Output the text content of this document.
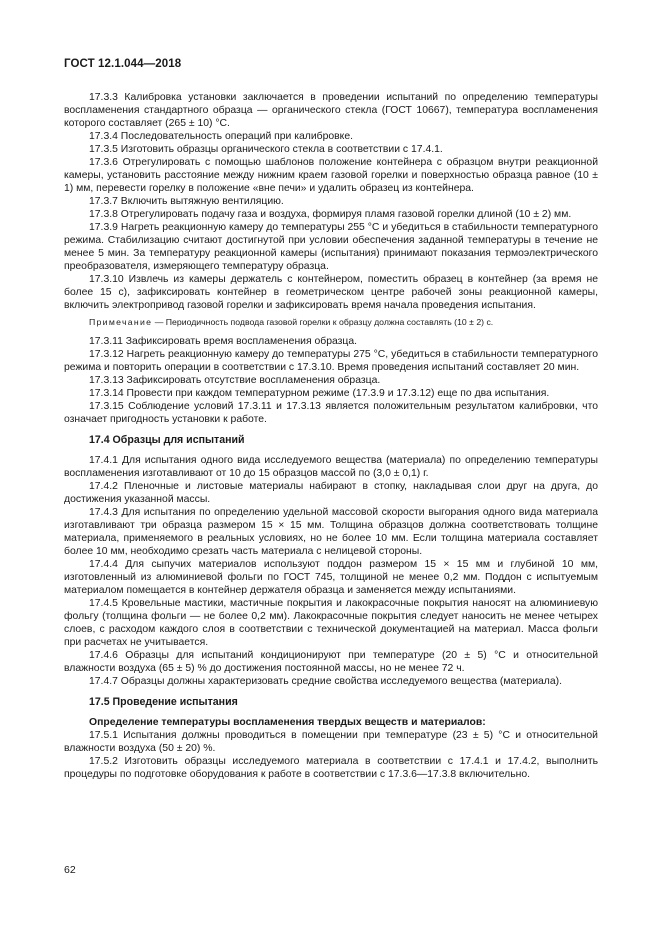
ГОСТ 12.1.044—2018

17.3.3 Калибровка установки заключается в проведении испытаний по определению температуры воспламенения стандартного образца — органического стекла (ГОСТ 10667), температура воспламенения которого составляет (265 ± 10) °С.

17.3.4 Последовательность операций при калибровке.

17.3.5 Изготовить образцы органического стекла в соответствии с 17.4.1.

17.3.6 Отрегулировать с помощью шаблонов положение контейнера с образцом внутри реакционной камеры, установить расстояние между нижним краем газовой горелки и поверхностью образца равное (10 ± 1) мм, перевести горелку в положение «вне печи» и удалить образец из контейнера.

17.3.7 Включить вытяжную вентиляцию.

17.3.8 Отрегулировать подачу газа и воздуха, формируя пламя газовой горелки длиной (10 ± 2) мм.

17.3.9 Нагреть реакционную камеру до температуры 255 °С и убедиться в стабильности температурного режима. Стабилизацию считают достигнутой при условии обеспечения заданной температуры в течение не менее 5 мин. За температуру реакционной камеры (испытания) принимают показания термоэлектрического преобразователя, измеряющего температуру образца.

17.3.10 Извлечь из камеры держатель с контейнером, поместить образец в контейнер (за время не более 15 с), зафиксировать контейнер в геометрическом центре рабочей зоны реакционной камеры, включить электропривод газовой горелки и зафиксировать время начала проведения испытания.

Примечание — Периодичность подвода газовой горелки к образцу должна составлять (10 ± 2) с.

17.3.11 Зафиксировать время воспламенения образца.

17.3.12 Нагреть реакционную камеру до температуры 275 °С, убедиться в стабильности температурного режима и повторить операции в соответствии с 17.3.10. Время проведения испытаний составляет 20 мин.

17.3.13 Зафиксировать отсутствие воспламенения образца.

17.3.14 Провести при каждом температурном режиме (17.3.9 и 17.3.12) еще по два испытания.

17.3.15 Соблюдение условий 17.3.11 и 17.3.13 является положительным результатом калибровки, что означает пригодность установки к работе.

17.4 Образцы для испытаний

17.4.1 Для испытания одного вида исследуемого вещества (материала) по определению температуры воспламенения изготавливают от 10 до 15 образцов массой по (3,0 ± 0,1) г.

17.4.2 Пленочные и листовые материалы набирают в стопку, накладывая слои друг на друга, до достижения указанной массы.

17.4.3 Для испытания по определению удельной массовой скорости выгорания одного вида материала изготавливают три образца размером 15 × 15 мм. Толщина образцов должна соответствовать толщине материала, применяемого в реальных условиях, но не более 10 мм. Если толщина материала составляет более 10 мм, необходимо срезать часть материала с нелицевой стороны.

17.4.4 Для сыпучих материалов используют поддон размером 15 × 15 мм и глубиной 10 мм, изготовленный из алюминиевой фольги по ГОСТ 745, толщиной не менее 0,2 мм. Поддон с испытуемым материалом помещается в контейнер держателя образца и заменяется между испытаниями.

17.4.5 Кровельные мастики, мастичные покрытия и лакокрасочные покрытия наносят на алюминиевую фольгу (толщина фольги — не более 0,2 мм). Лакокрасочные покрытия следует наносить не менее четырех слоев, с расходом каждого слоя в соответствии с технической документацией на материал. Масса фольги при расчетах не учитывается.

17.4.6 Образцы для испытаний кондиционируют при температуре (20 ± 5) °С и относительной влажности воздуха (65 ± 5) % до достижения постоянной массы, но не менее 72 ч.

17.4.7 Образцы должны характеризовать средние свойства исследуемого вещества (материала).

17.5 Проведение испытания

Определение температуры воспламенения твердых веществ и материалов:

17.5.1 Испытания должны проводиться в помещении при температуре (23 ± 5) °С и относительной влажности воздуха (50 ± 20) %.

17.5.2 Изготовить образцы исследуемого материала в соответствии с 17.4.1 и 17.4.2, выполнить процедуры по подготовке оборудования к работе в соответствии с 17.3.6—17.3.8 включительно.

62
